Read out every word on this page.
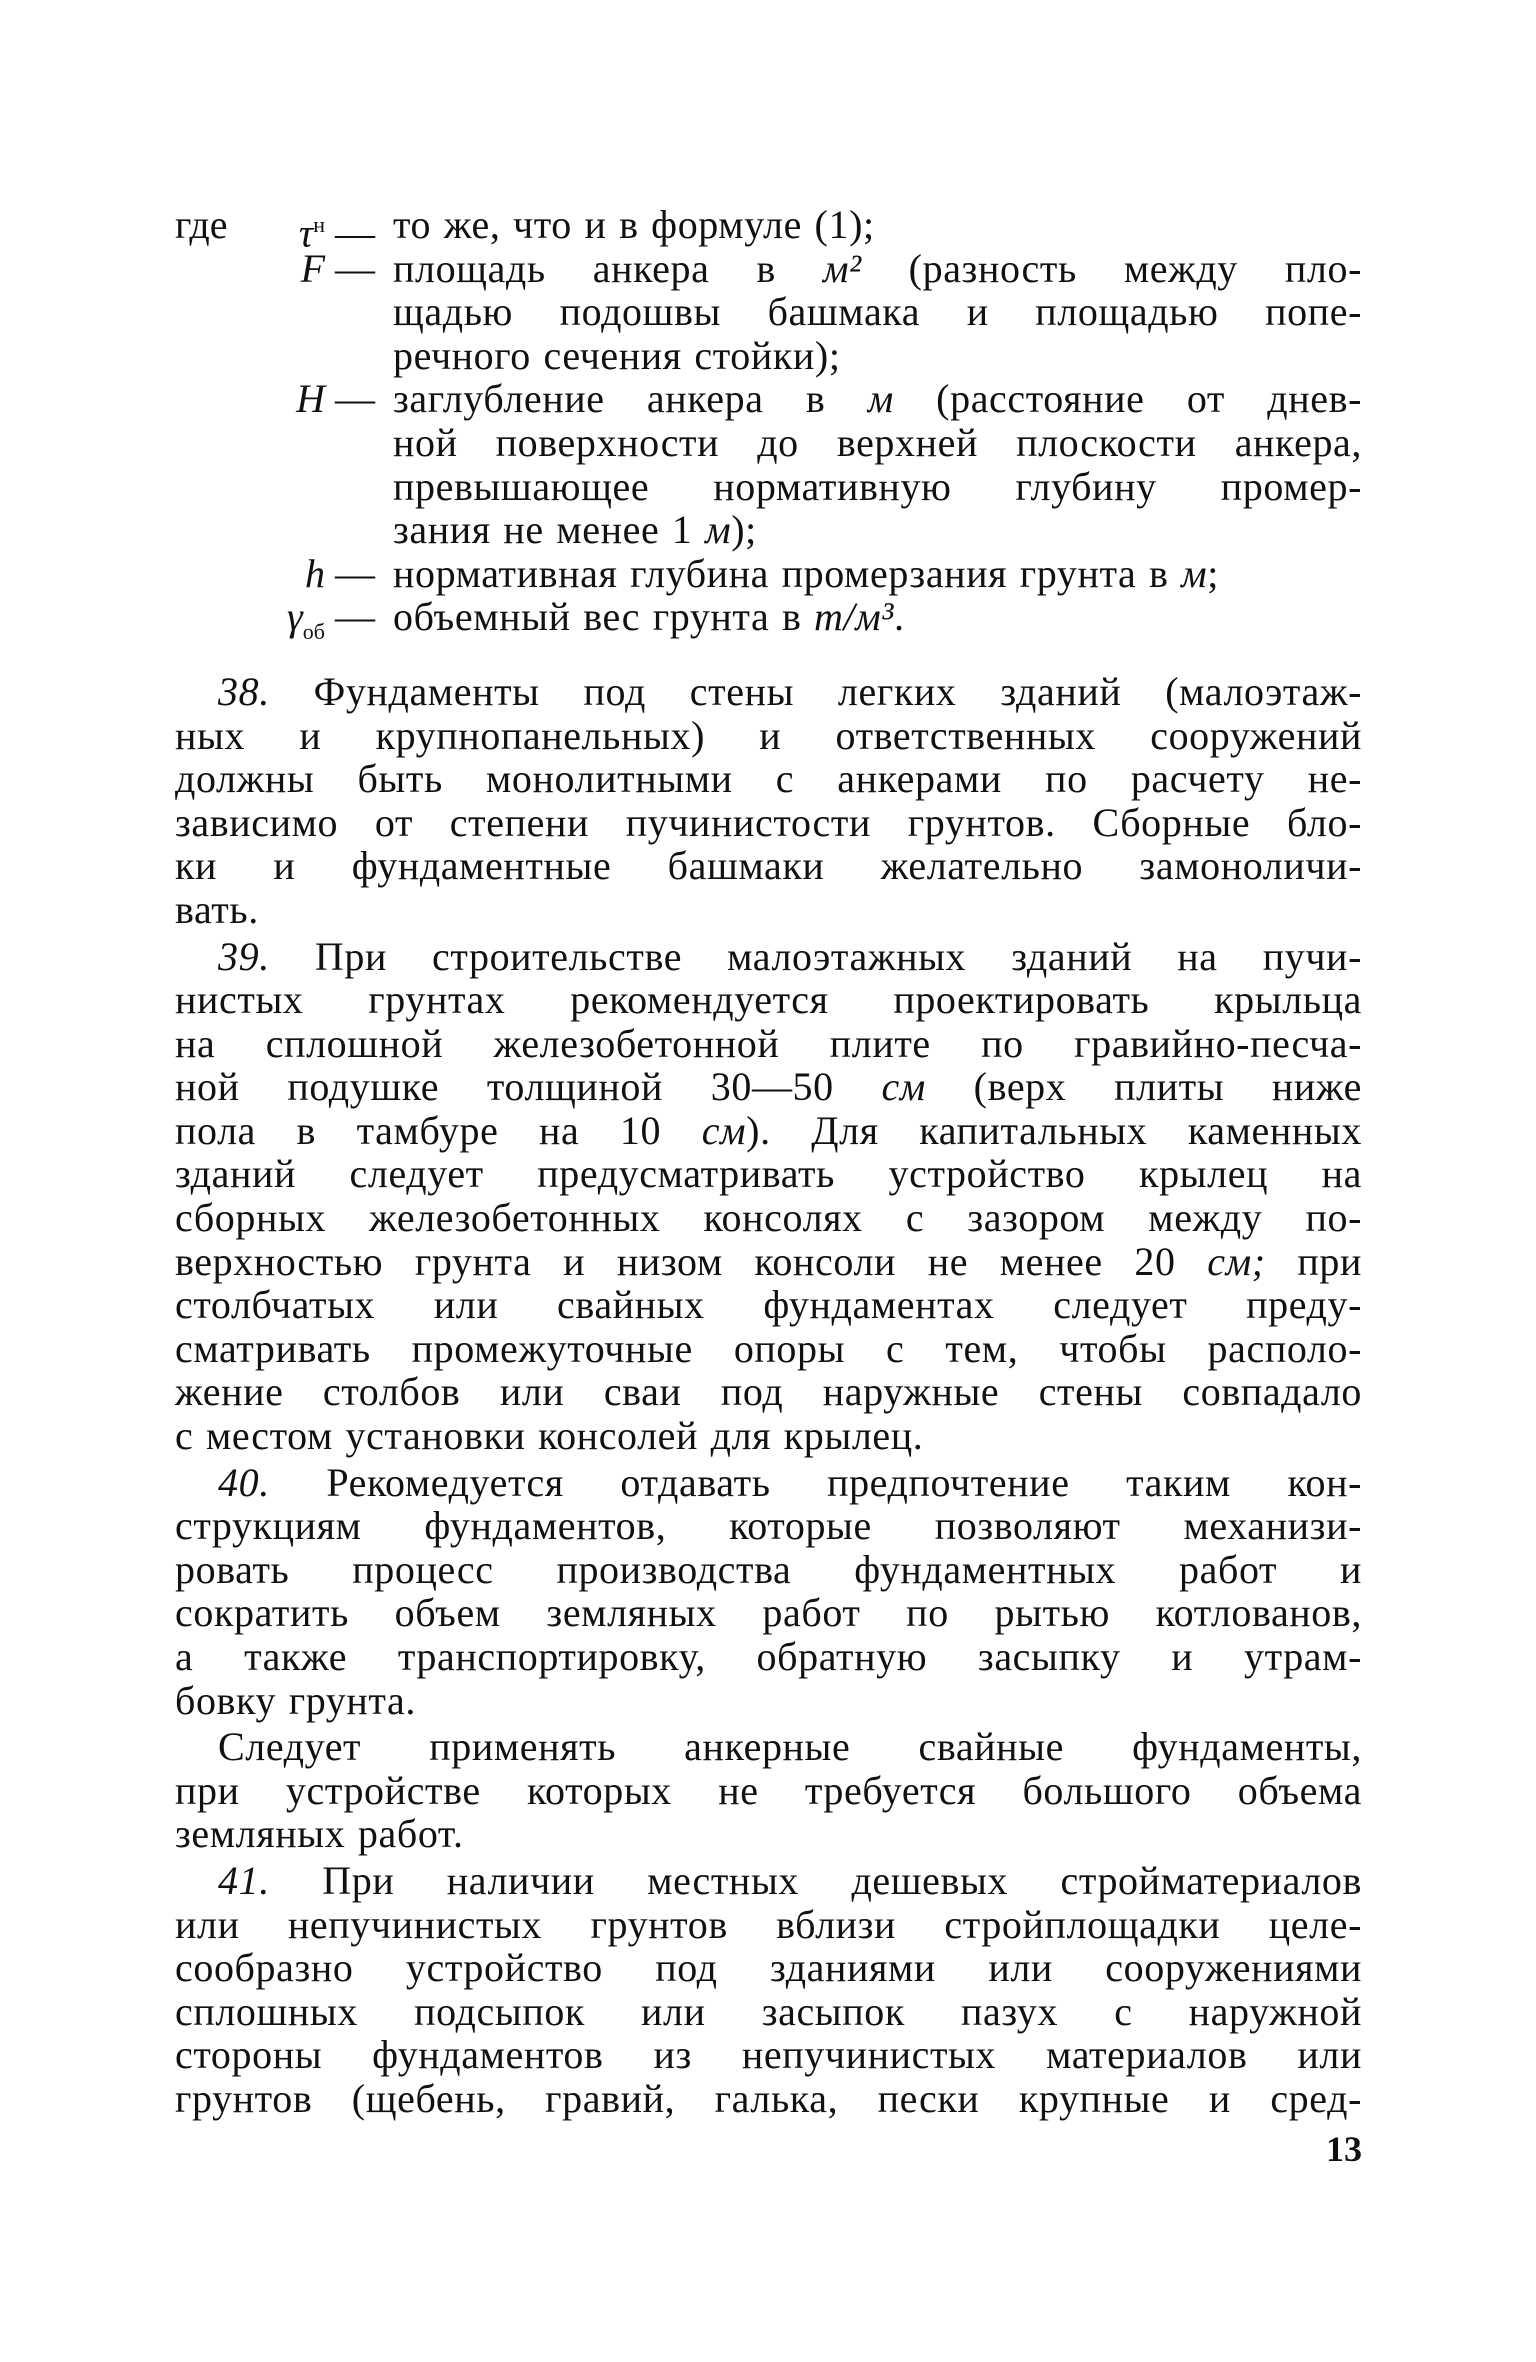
где $\tau^н$ — то же, что и в формуле (1);
F — площадь анкера в м² (разность между пло-
щадью подошвы башмака и площадью попе-
речного сечения стойки);
H — заглубление анкера в м (расстояние от днев-
ной поверхности до верхней плоскости анкера,
превышающее нормативную глубину промер-
зания не менее 1 м);
h — нормативная глубина промерзания грунта в м;
$\gamma_{об}$ — объемный вес грунта в т/м³.
38. Фундаменты под стены легких зданий (малоэтаж-
ных и крупнопанельных) и ответственных сооружений
должны быть монолитными с анкерами по расчету не-
зависимо от степени пучинистости грунтов. Сборные бло-
ки и фундаментные башмаки желательно замоноличи-
вать.
39. При строительстве малоэтажных зданий на пучи-
нистых грунтах рекомендуется проектировать крыльца
на сплошной железобетонной плите по гравийно-песча-
ной подушке толщиной 30—50 см (верх плиты ниже
пола в тамбуре на 10 см). Для капитальных каменных
зданий следует предусматривать устройство крылец на
сборных железобетонных консолях с зазором между по-
верхностью грунта и низом консоли не менее 20 см; при
столбчатых или свайных фундаментах следует преду-
сматривать промежуточные опоры с тем, чтобы располо-
жение столбов или сваи под наружные стены совпадало
с местом установки консолей для крылец.
40. Рекомедуется отдавать предпочтение таким кон-
струкциям фундаментов, которые позволяют механизи-
ровать процесс производства фундаментных работ и
сократить объем земляных работ по рытью котлованов,
а также транспортировку, обратную засыпку и утрам-
бовку грунта.
Следует применять анкерные свайные фундаменты,
при устройстве которых не требуется большого объема
земляных работ.
41. При наличии местных дешевых стройматериалов
или непучинистых грунтов вблизи стройплощадки целе-
сообразно устройство под зданиями или сооружениями
сплошных подсыпок или засыпок пазух с наружной
стороны фундаментов из непучинистых материалов или
грунтов (щебень, гравий, галька, пески крупные и сред-
13
